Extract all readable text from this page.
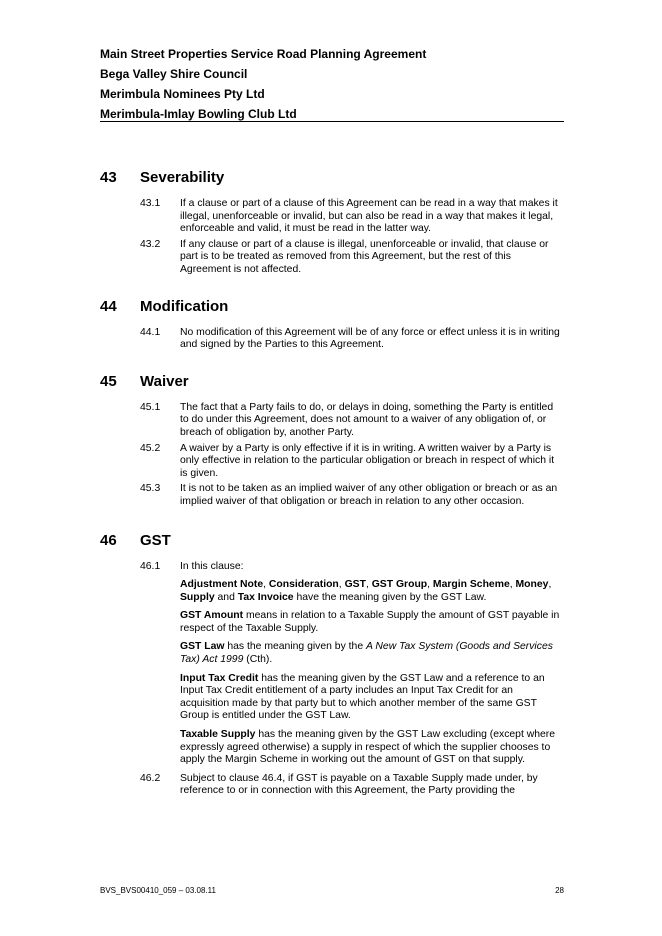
Main Street Properties Service Road Planning Agreement
Bega Valley Shire Council
Merimbula Nominees Pty Ltd
Merimbula-Imlay Bowling Club Ltd
43	Severability
43.1	If a clause or part of a clause of this Agreement can be read in a way that makes it illegal, unenforceable or invalid, but can also be read in a way that makes it legal, enforceable and valid, it must be read in the latter way.
43.2	If any clause or part of a clause is illegal, unenforceable or invalid, that clause or part is to be treated as removed from this Agreement, but the rest of this Agreement is not affected.
44	Modification
44.1	No modification of this Agreement will be of any force or effect unless it is in writing and signed by the Parties to this Agreement.
45	Waiver
45.1	The fact that a Party fails to do, or delays in doing, something the Party is entitled to do under this Agreement, does not amount to a waiver of any obligation of, or breach of obligation by, another Party.
45.2	A waiver by a Party is only effective if it is in writing. A written waiver by a Party is only effective in relation to the particular obligation or breach in respect of which it is given.
45.3	It is not to be taken as an implied waiver of any other obligation or breach or as an implied waiver of that obligation or breach in relation to any other occasion.
46	GST
46.1	In this clause:
Adjustment Note, Consideration, GST, GST Group, Margin Scheme, Money, Supply and Tax Invoice have the meaning given by the GST Law.
GST Amount means in relation to a Taxable Supply the amount of GST payable in respect of the Taxable Supply.
GST Law has the meaning given by the A New Tax System (Goods and Services Tax) Act 1999 (Cth).
Input Tax Credit has the meaning given by the GST Law and a reference to an Input Tax Credit entitlement of a party includes an Input Tax Credit for an acquisition made by that party but to which another member of the same GST Group is entitled under the GST Law.
Taxable Supply has the meaning given by the GST Law excluding (except where expressly agreed otherwise) a supply in respect of which the supplier chooses to apply the Margin Scheme in working out the amount of GST on that supply.
46.2	Subject to clause 46.4, if GST is payable on a Taxable Supply made under, by reference to or in connection with this Agreement, the Party providing the
BVS_BVS00410_059 – 03.08.11	28
